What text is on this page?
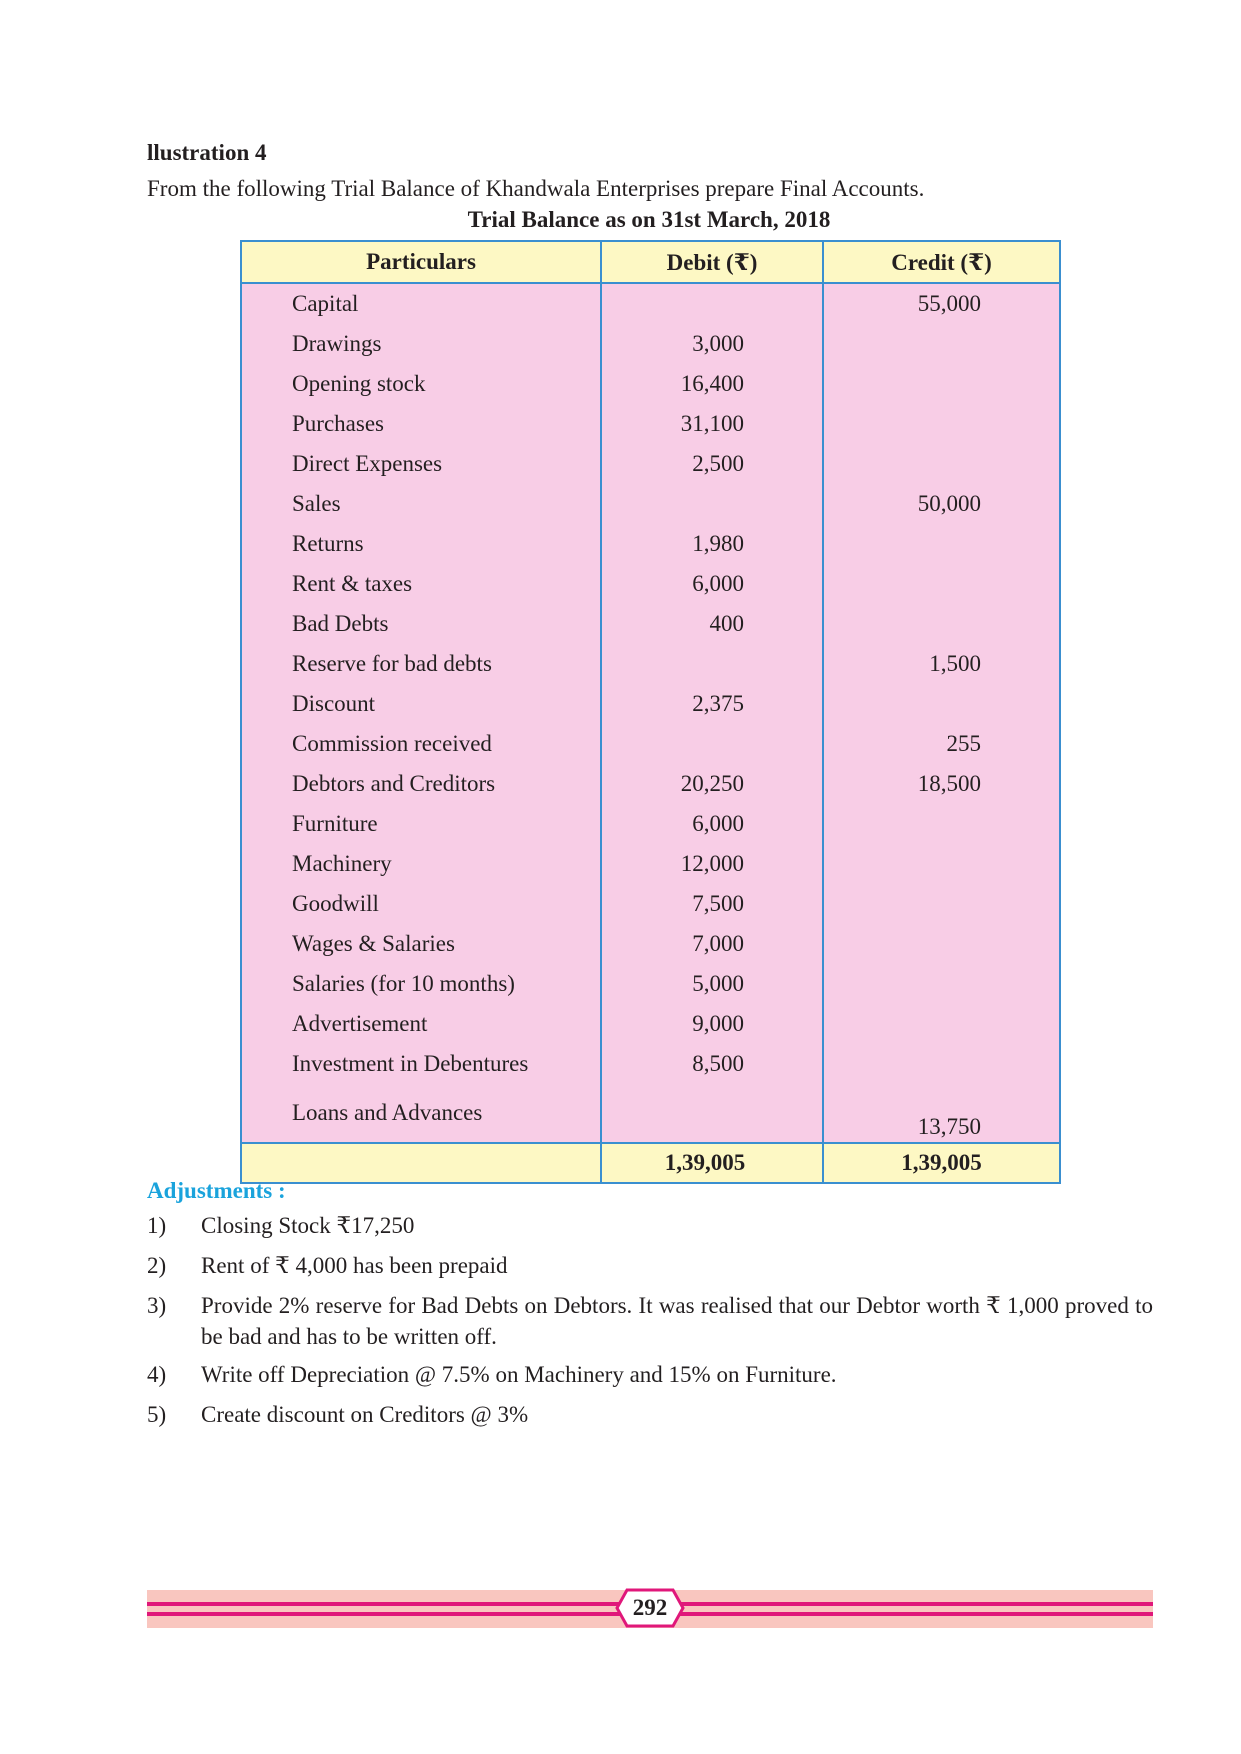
llustration 4

From the following Trial Balance of Khandwala Enterprises prepare Final Accounts.

Trial Balance as on 31st March, 2018

Particulars	Debit (₹)	Credit (₹)
Capital		55,000
Drawings	3,000	
Opening stock	16,400	
Purchases	31,100	
Direct Expenses	2,500	
Sales		50,000
Returns	1,980	
Rent & taxes	6,000	
Bad Debts	400	
Reserve for bad debts		1,500
Discount	2,375	
Commission received		255
Debtors and Creditors	20,250	18,500
Furniture	6,000	
Machinery	12,000	
Goodwill	7,500	
Wages & Salaries	7,000	
Salaries (for 10 months)	5,000	
Advertisement	9,000	
Investment in Debentures	8,500	
Loans and Advances		13,750
	1,39,005	1,39,005

Adjustments :

1) Closing Stock ₹17,250
2) Rent of ₹ 4,000 has been prepaid
3) Provide 2% reserve for Bad Debts on Debtors. It was realised that our Debtor worth ₹ 1,000 proved to be bad and has to be written off.
4) Write off Depreciation @ 7.5% on Machinery and 15% on Furniture.
5) Create discount on Creditors @ 3%
292
